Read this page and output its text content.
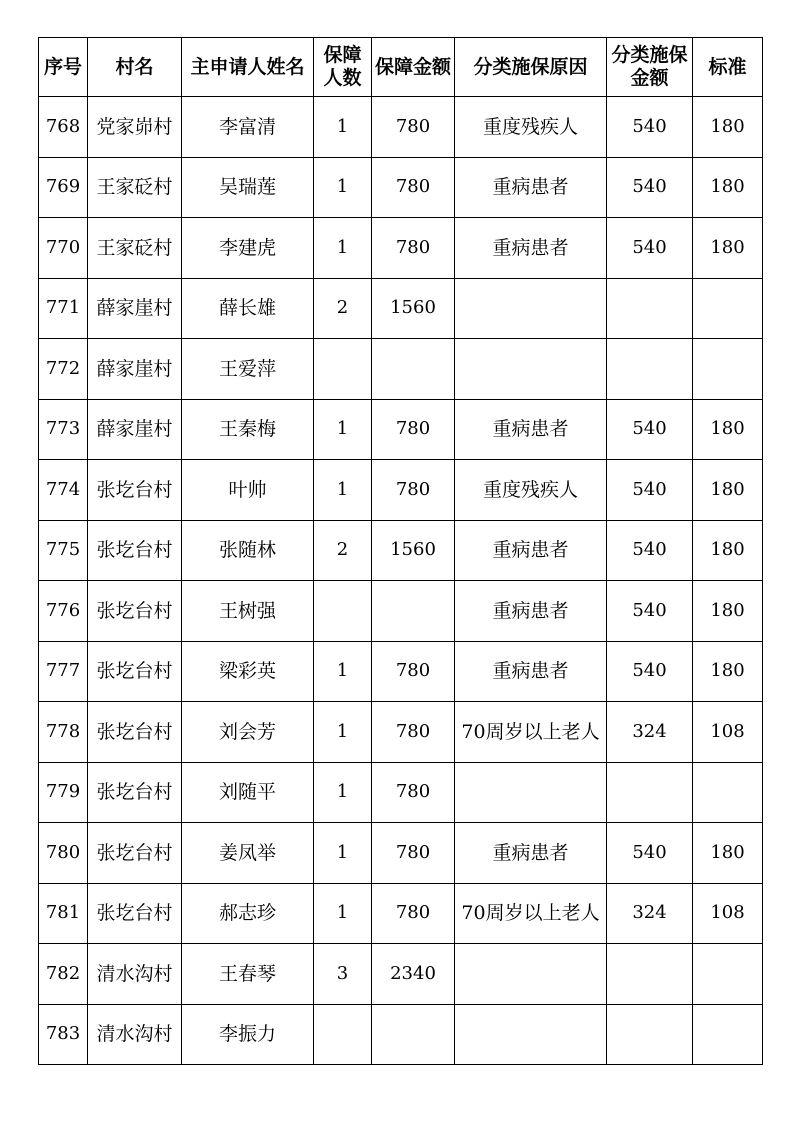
序号	村名	主申请人姓名	保障人数	保障金额	分类施保原因	分类施保金额	标准
768	党家峁村	李富清	1	780	重度残疾人	540	180
769	王家砭村	吴瑞莲	1	780	重病患者	540	180
770	王家砭村	李建虎	1	780	重病患者	540	180
771	薛家崖村	薛长雄	2	1560			
772	薛家崖村	王爱萍					
773	薛家崖村	王秦梅	1	780	重病患者	540	180
774	张圪台村	叶帅	1	780	重度残疾人	540	180
775	张圪台村	张随林	2	1560	重病患者	540	180
776	张圪台村	王树强			重病患者	540	180
777	张圪台村	梁彩英	1	780	重病患者	540	180
778	张圪台村	刘会芳	1	780	70周岁以上老人	324	108
779	张圪台村	刘随平	1	780			
780	张圪台村	姜凤举	1	780	重病患者	540	180
781	张圪台村	郝志珍	1	780	70周岁以上老人	324	108
782	清水沟村	王春琴	3	2340			
783	清水沟村	李振力					
